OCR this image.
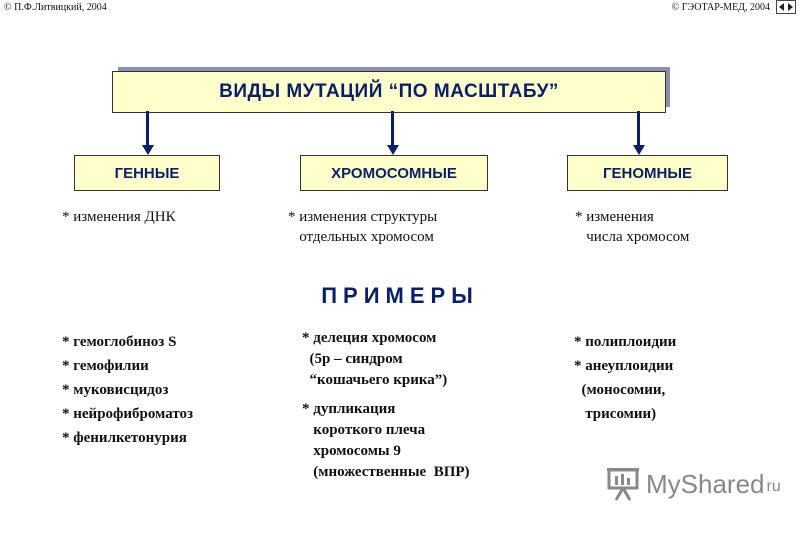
© П.Ф.Литвицкий, 2004	© ГЭОТАР-МЕД, 2004
ВИДЫ МУТАЦИЙ “ПО МАСШТАБУ”
ГЕННЫЕ	ХРОМОСОМНЫЕ	ГЕНОМНЫЕ
* изменения ДНК	* изменения структуры
отдельных хромосом
* изменения
числа хромосом
ПРИМЕРЫ
* гемоглобиноз S
* гемофилии
* муковисцидоз
* нейрофиброматоз
* фенилкетонурия
* делеция хромосом
(5р – синдром
“кошачьего крика”)
* дупликация
короткого плеча
хромосомы 9
(множественные  ВПР)
* полиплоидии
* анеуплоидии
(моносомии,
трисомии)
MyShared ru
